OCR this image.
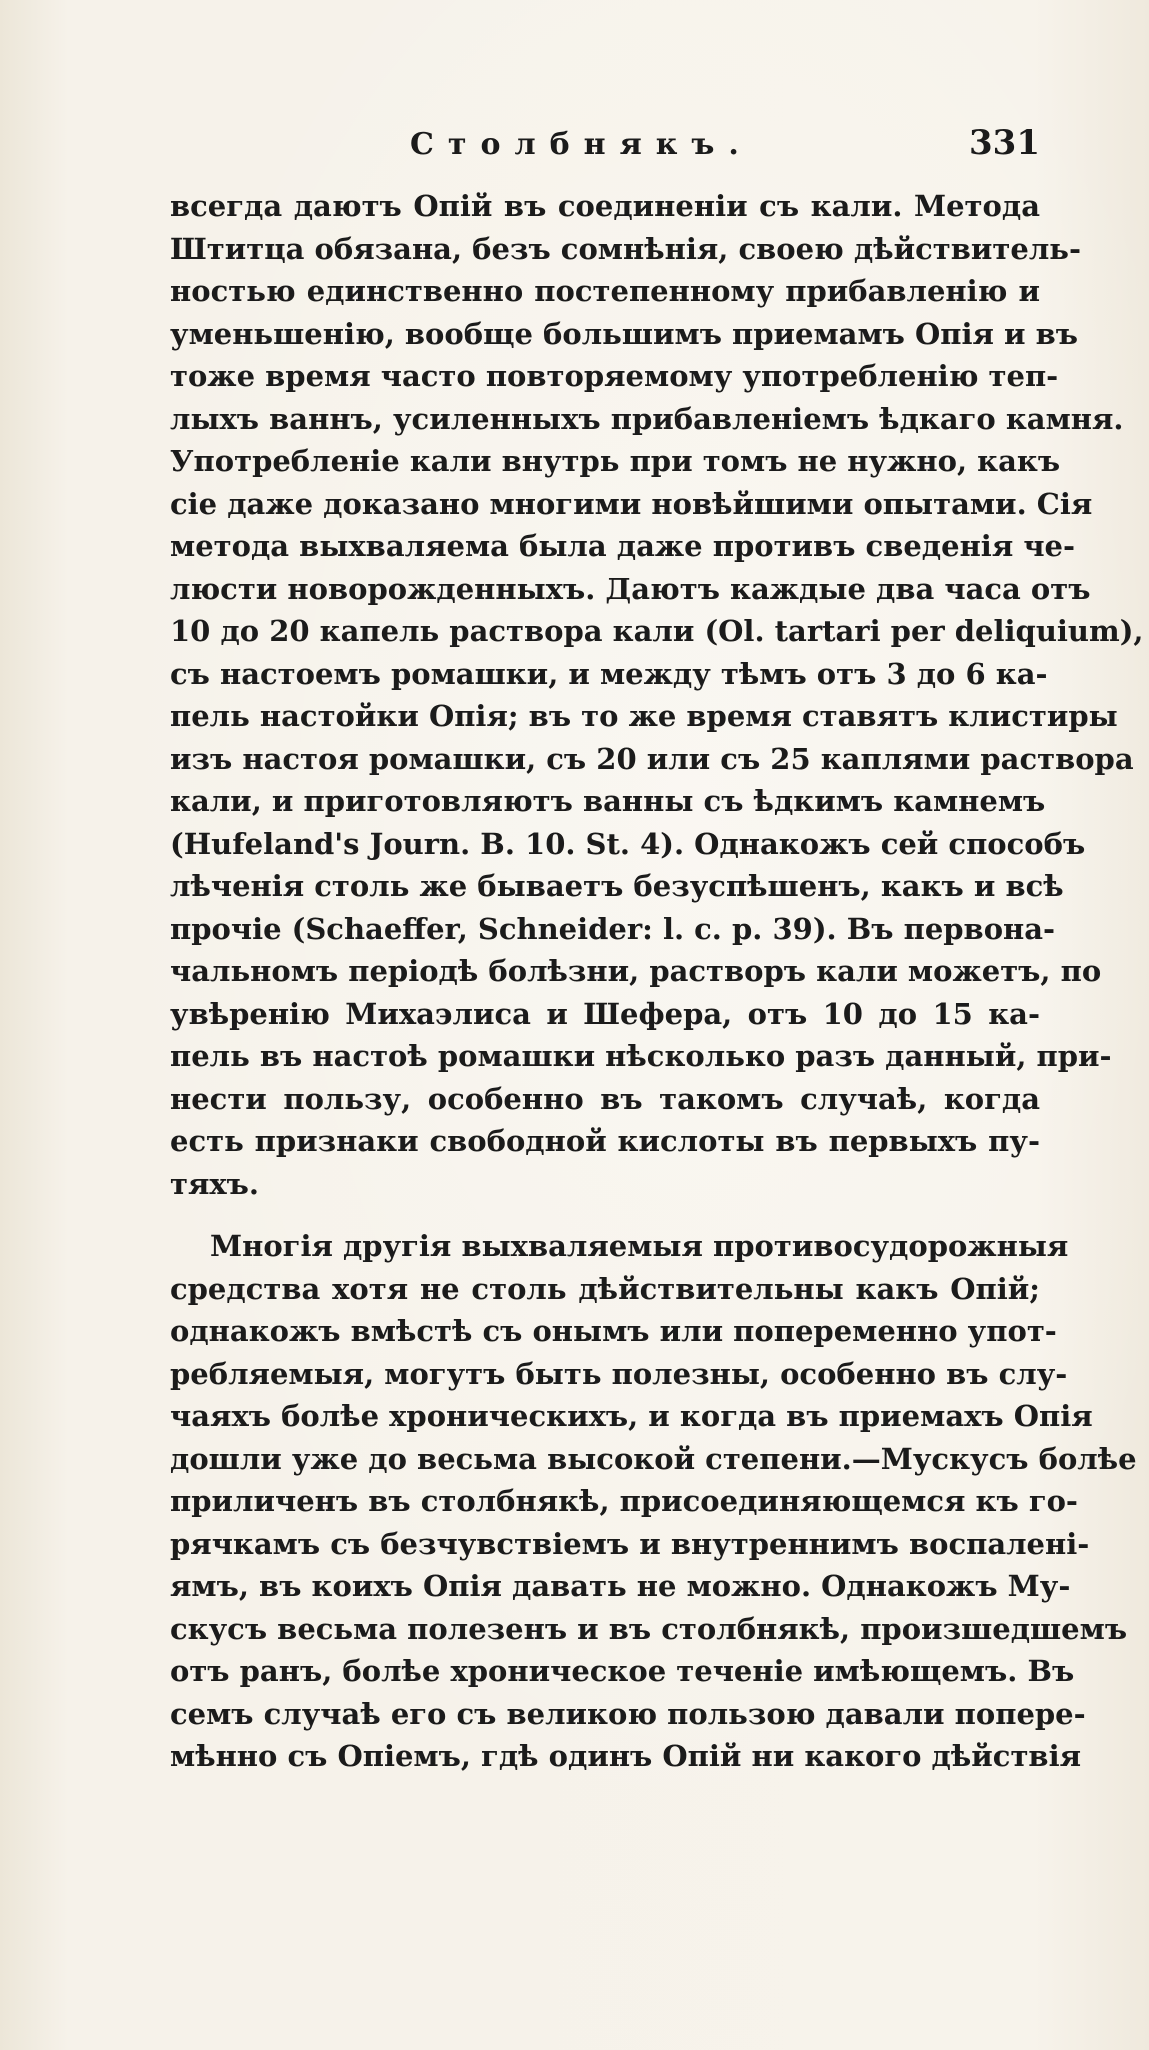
Столбнякъ.	331
всегда даютъ Опій въ соединеніи съ кали. Метода
Штитца обязана, безъ сомнѣнія, своею дѣйствитель-
ностью единственно постепенному прибавленію и
уменьшенію, вообще большимъ приемамъ Опія и въ
тоже время часто повторяемому употребленію теп-
лыхъ ваннъ, усиленныхъ прибавленіемъ ѣдкаго камня.
Употребленіе кали внутрь при томъ не нужно, какъ
сіе даже доказано многими новѣйшими опытами. Сія
метода выхваляема была даже противъ сведенія че-
люсти новорожденныхъ. Даютъ каждые два часа отъ
10 до 20 капель раствора кали (Ol. tartari per deliquium),
съ настоемъ ромашки, и между тѣмъ отъ 3 до 6 ка-
пель настойки Опія; въ то же время ставятъ клистиры
изъ настоя ромашки, съ 20 или съ 25 каплями раствора
кали, и приготовляютъ ванны съ ѣдкимъ камнемъ
(Hufeland's Journ. B. 10. St. 4). Однакожъ сей способъ
лѣченія столь же бываетъ безуспѣшенъ, какъ и всѣ
прочіе (Schaeffer, Schneider: l. c. p. 39). Въ первона-
чальномъ періодѣ болѣзни, растворъ кали можетъ, по
увѣренію Михаэлиса и Шефера, отъ 10 до 15 ка-
пель въ настоѣ ромашки нѣсколько разъ данный, при-
нести пользу, особенно въ такомъ случаѣ, когда
есть признаки свободной кислоты въ первыхъ пу-
тяхъ.
Многія другія выхваляемыя противосудорожныя
средства хотя не столь дѣйствительны какъ Опій;
однакожъ вмѣстѣ съ онымъ или попеременно упот-
ребляемыя, могутъ быть полезны, особенно въ слу-
чаяхъ болѣе хроническихъ, и когда въ приемахъ Опія
дошли уже до весьма высокой степени.—Мускусъ болѣе
приличенъ въ столбнякѣ, присоединяющемся къ го-
рячкамъ съ безчувствіемъ и внутреннимъ воспалені-
ямъ, въ коихъ Опія давать не можно. Однакожъ Му-
скусъ весьма полезенъ и въ столбнякѣ, произшедшемъ
отъ ранъ, болѣе хроническое теченіе имѣющемъ. Въ
семъ случаѣ его съ великою пользою давали попере-
мѣнно съ Опіемъ, гдѣ одинъ Опій ни какого дѣйствія
